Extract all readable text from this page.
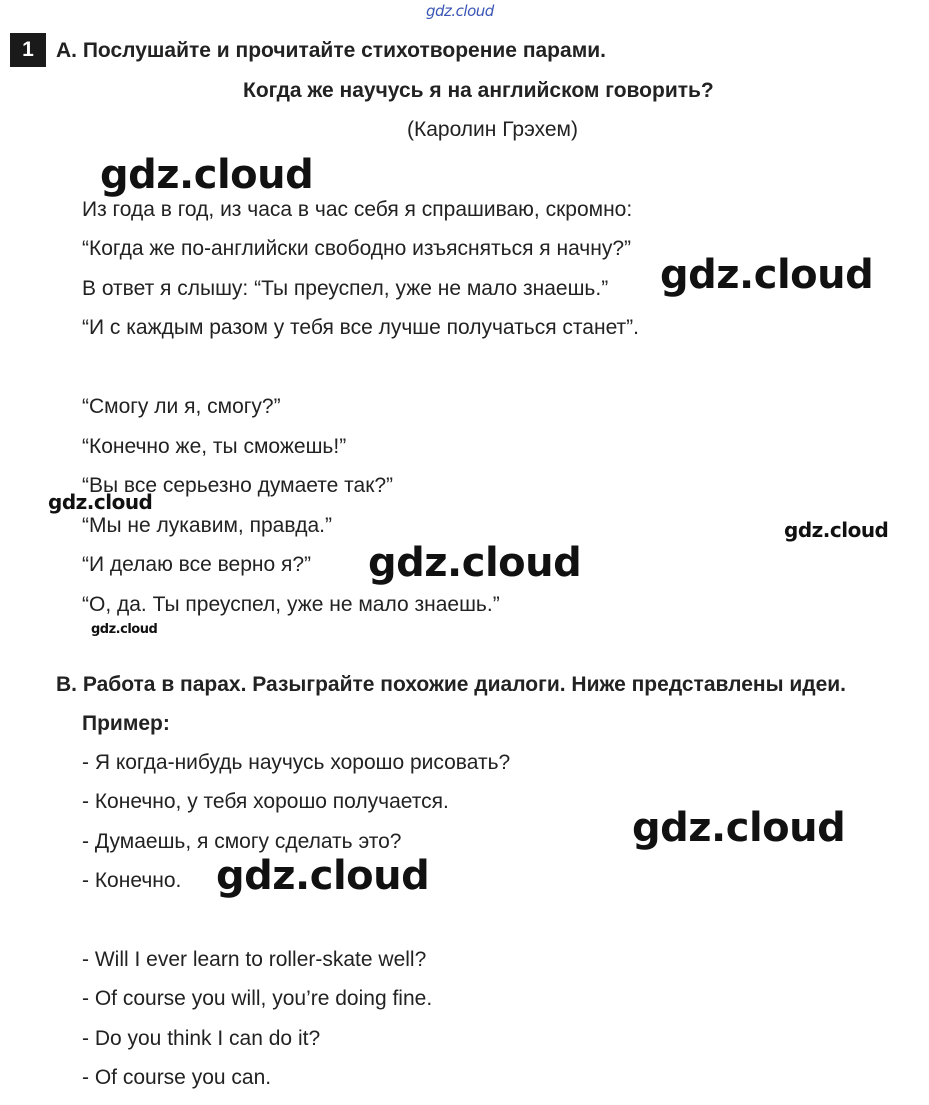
gdz.cloud
1	A. Послушайте и прочитайте стихотворение парами.
Когда же научусь я на английском говорить?
(Каролин Грэхем)
Из года в год, из часа в час себя я спрашиваю, скромно:
“Когда же по-английски свободно изъясняться я начну?”
В ответ я слышу: “Ты преуспел, уже не мало знаешь.”
“И с каждым разом у тебя все лучше получаться станет”.
“Смогу ли я, смогу?”
“Конечно же, ты сможешь!”
“Вы все серьезно думаете так?”
“Мы не лукавим, правда.”
“И делаю все верно я?”
“О, да. Ты преуспел, уже не мало знаешь.”
B. Работа в парах. Разыграйте похожие диалоги. Ниже представлены идеи.
Пример:
- Я когда-нибудь научусь хорошо рисовать?
- Конечно, у тебя хорошо получается.
- Думаешь, я смогу сделать это?
- Конечно.
- Will I ever learn to roller-skate well?
- Of course you will, you’re doing fine.
- Do you think I can do it?
- Of course you can.
gdz.cloud
gdz.cloud
gdz.cloud
gdz.cloud
gdz.cloud
gdz.cloud
gdz.cloud
gdz.cloud
